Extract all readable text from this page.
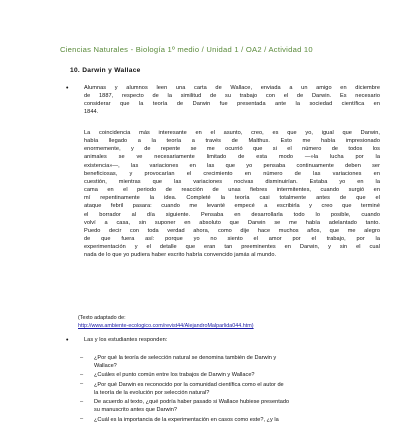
Ciencias Naturales - Biología 1º medio / Unidad 1 / OA2 / Actividad 10
10. Darwin y Wallace
•	Alumnas y alumnos leen una carta de Wallace, enviada a un amigo en diciembre
de 1887, respecto de la similitud de su trabajo con el de Darwin. Es necesario
considerar que la teoría de Darwin fue presentada ante la sociedad científica en
1844.
La coincidencia más interesante en el asunto, creo, es que yo, igual que Darwin,
había llegado a la teoría a través de Malthus. Esto me había impresionado
enormemente, y de repente se me ocurrió que si el número de todos los
animales se ve necesariamente limitado de esta modo —»la lucha por la
existencia»—, las variaciones en las que yo pensaba continuamente deben ser
beneficiosas, y provocarían el crecimiento en número de las variaciones en
cuestión, mientras que las variaciones nocivas disminuirían. Estaba yo en la
cama en el periodo de reacción de unas fiebres intermitentes, cuando surgió en
mí repentinamente la idea. Completé la teoría casi totalmente antes de que el
ataque febril pasara: cuando me levanté empecé a escribirla y creo que terminé
el borrador al día siguiente. Pensaba en desarrollarla todo lo posible, cuando
volví a casa, sin suponer en absoluto que Darwin se me había adelantado tanto.
Puedo decir con toda verdad ahora, como dije hace muchos años, que me alegro
de que fuera así: porque yo no siento el amor por el trabajo, por la
experimentación y el detalle que eran tan preeminentes en Darwin, y sin el cual
nada de lo que yo pudiera haber escrito habría convencido jamás al mundo.
(Texto adaptado de:
http://www.ambiente-ecologico.com/revist44/AlejandroMalparlida044.htm)
•	Las y los estudiantes responden:
– ¿Por qué la teoría de selección natural se denomina también de Darwin y
Wallace?
– ¿Cuáles el punto común entre los trabajos de Darwin y Wallace?
– ¿Por qué Darwin es reconocido por la comunidad científica como el autor de
la teoría de la evolución por selección natural?
– De acuerdo al texto, ¿qué podría haber pasado si Wallace hubiese presentado
su manuscrito antes que Darwin?
– ¿Cuál es la importancia de la experimentación en casos como este?, ¿y la
